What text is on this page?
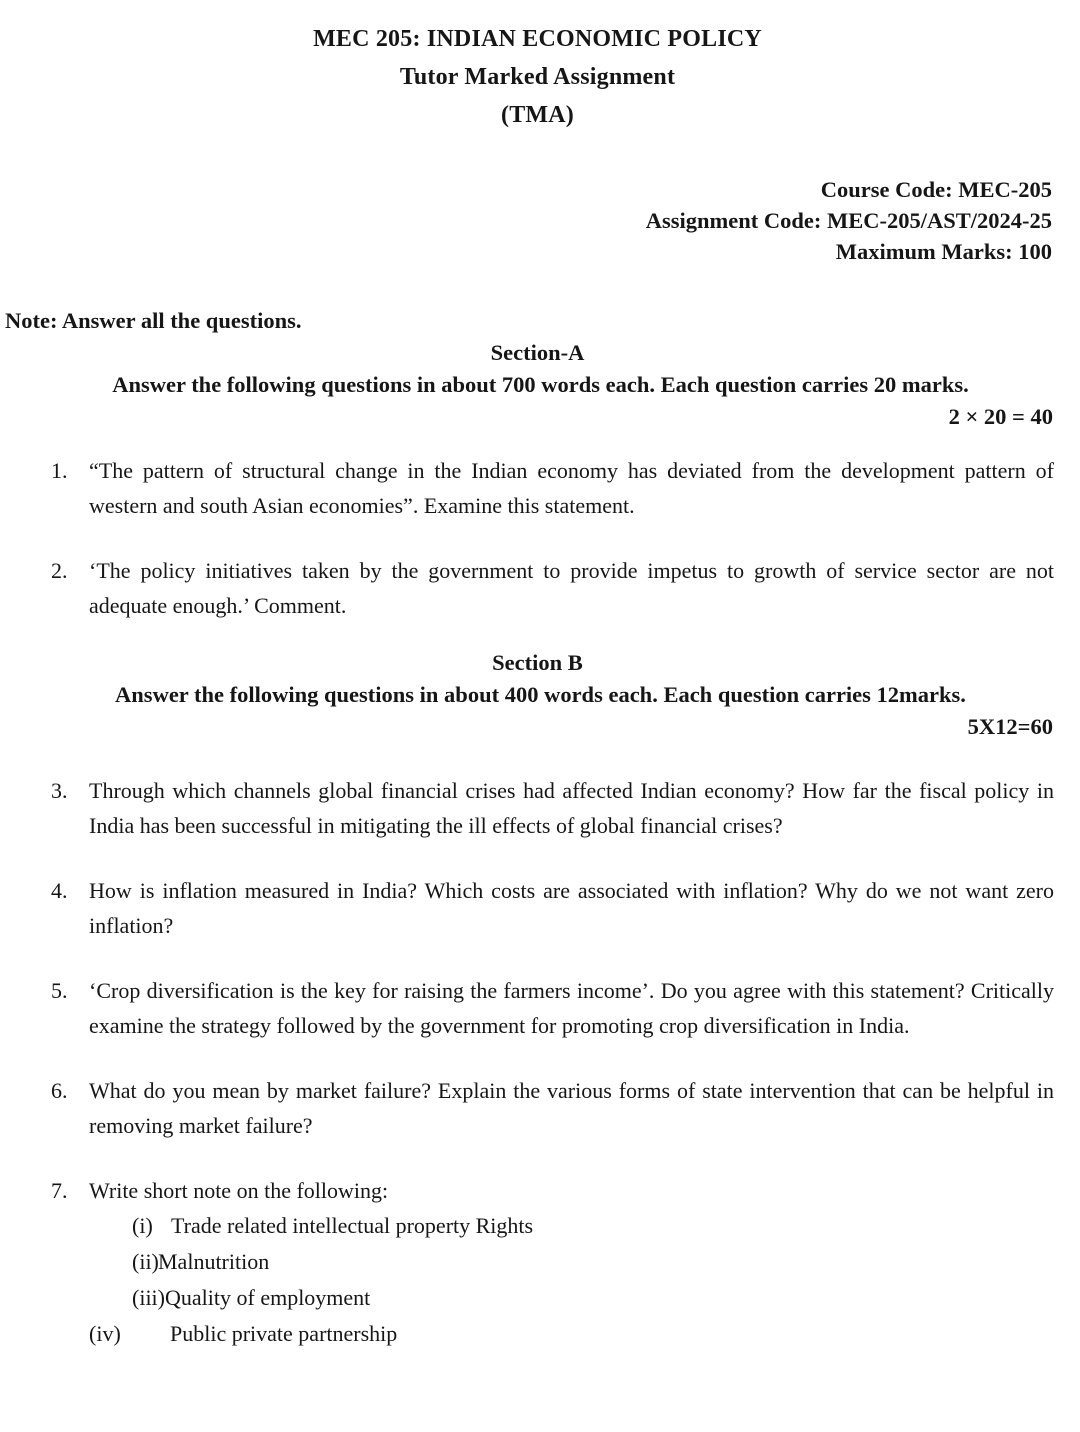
MEC 205: INDIAN ECONOMIC POLICY
Tutor Marked Assignment
(TMA)
Course Code: MEC-205
Assignment Code: MEC-205/AST/2024-25
Maximum Marks: 100
Note: Answer all the questions.
Section-A
Answer the following questions in about 700 words each. Each question carries 20 marks.
2 × 20 = 40
1. “The pattern of structural change in the Indian economy has deviated from the development pattern of western and south Asian economies”. Examine this statement.
2. ‘The policy initiatives taken by the government to provide impetus to growth of service sector are not adequate enough.’ Comment.
Section B
Answer the following questions in about 400 words each. Each question carries 12marks.
5X12=60
3. Through which channels global financial crises had affected Indian economy? How far the fiscal policy in India has been successful in mitigating the ill effects of global financial crises?
4. How is inflation measured in India? Which costs are associated with inflation? Why do we not want zero inflation?
5. ‘Crop diversification is the key for raising the farmers income’. Do you agree with this statement? Critically examine the strategy followed by the government for promoting crop diversification in India.
6. What do you mean by market failure? Explain the various forms of state intervention that can be helpful in removing market failure?
7. Write short note on the following:
(i) Trade related intellectual property Rights
(ii)Malnutrition
(iii)Quality of employment
(iv) Public private partnership
